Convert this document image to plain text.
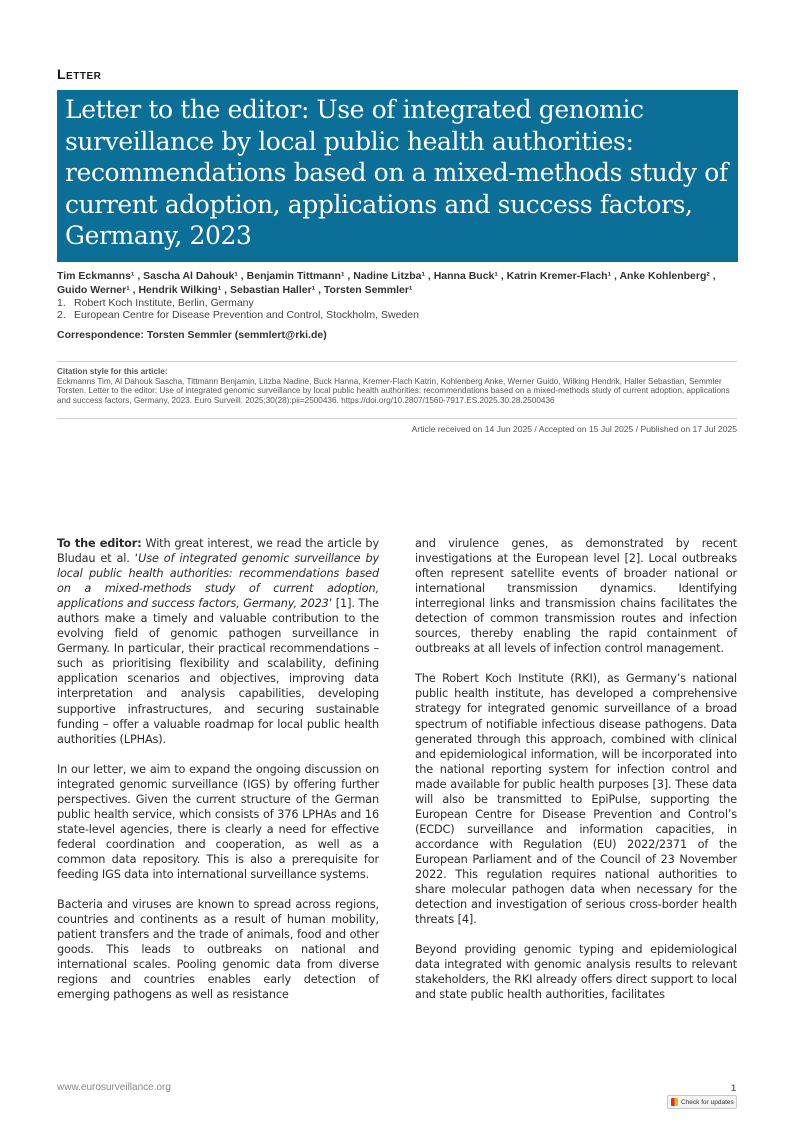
Letter
Letter to the editor: Use of integrated genomic surveillance by local public health authorities: recommendations based on a mixed-methods study of current adoption, applications and success factors, Germany, 2023
Tim Eckmanns¹ , Sascha Al Dahouk¹ , Benjamin Tittmann¹ , Nadine Litzba¹ , Hanna Buck¹ , Katrin Kremer-Flach¹ , Anke Kohlenberg² , Guido Werner¹ , Hendrik Wilking¹ , Sebastian Haller¹ , Torsten Semmler¹
1. Robert Koch Institute, Berlin, Germany
2. European Centre for Disease Prevention and Control, Stockholm, Sweden
Correspondence: Torsten Semmler (semmlert@rki.de)
Citation style for this article:
Eckmanns Tim, Al Dahouk Sascha, Tittmann Benjamin, Litzba Nadine, Buck Hanna, Kremer-Flach Katrin, Kohlenberg Anke, Werner Guido, Wilking Hendrik, Haller Sebastian, Semmler Torsten. Letter to the editor: Use of integrated genomic surveillance by local public health authorities: recommendations based on a mixed-methods study of current adoption, applications and success factors, Germany, 2023. Euro Surveill. 2025;30(28):pii=2500436. https://doi.org/10.2807/1560-7917.ES.2025.30.28.2500436
Article received on 14 Jun 2025 / Accepted on 15 Jul 2025 / Published on 17 Jul 2025

To the editor: With great interest, we read the article by Bludau et al. ‘Use of integrated genomic surveillance by local public health authorities: recommendations based on a mixed-methods study of current adoption, applications and success factors, Germany, 2023’ [1]. The authors make a timely and valuable contribution to the evolving field of genomic pathogen surveillance in Germany. In particular, their practical recommendations – such as prioritising flexibility and scalability, defining application scenarios and objectives, improving data interpretation and analysis capabilities, developing supportive infrastructures, and securing sustainable funding – offer a valuable roadmap for local public health authorities (LPHAs).

In our letter, we aim to expand the ongoing discussion on integrated genomic surveillance (IGS) by offering further perspectives. Given the current structure of the German public health service, which consists of 376 LPHAs and 16 state-level agencies, there is clearly a need for effective federal coordination and cooperation, as well as a common data repository. This is also a prerequisite for feeding IGS data into international surveillance systems.

Bacteria and viruses are known to spread across regions, countries and continents as a result of human mobility, patient transfers and the trade of animals, food and other goods. This leads to outbreaks on national and international scales. Pooling genomic data from diverse regions and countries enables early detection of emerging pathogens as well as resistance

and virulence genes, as demonstrated by recent investigations at the European level [2]. Local outbreaks often represent satellite events of broader national or international transmission dynamics. Identifying interregional links and transmission chains facilitates the detection of common transmission routes and infection sources, thereby enabling the rapid containment of outbreaks at all levels of infection control management.

The Robert Koch Institute (RKI), as Germany’s national public health institute, has developed a comprehensive strategy for integrated genomic surveillance of a broad spectrum of notifiable infectious disease pathogens. Data generated through this approach, combined with clinical and epidemiological information, will be incorporated into the national reporting system for infection control and made available for public health purposes [3]. These data will also be transmitted to EpiPulse, supporting the European Centre for Disease Prevention and Control’s (ECDC) surveillance and information capacities, in accordance with Regulation (EU) 2022/2371 of the European Parliament and of the Council of 23 November 2022. This regulation requires national authorities to share molecular pathogen data when necessary for the detection and investigation of serious cross-border health threats [4].

Beyond providing genomic typing and epidemiological data integrated with genomic analysis results to relevant stakeholders, the RKI already offers direct support to local and state public health authorities, facilitates

www.eurosurveillance.org	1
Check for updates
